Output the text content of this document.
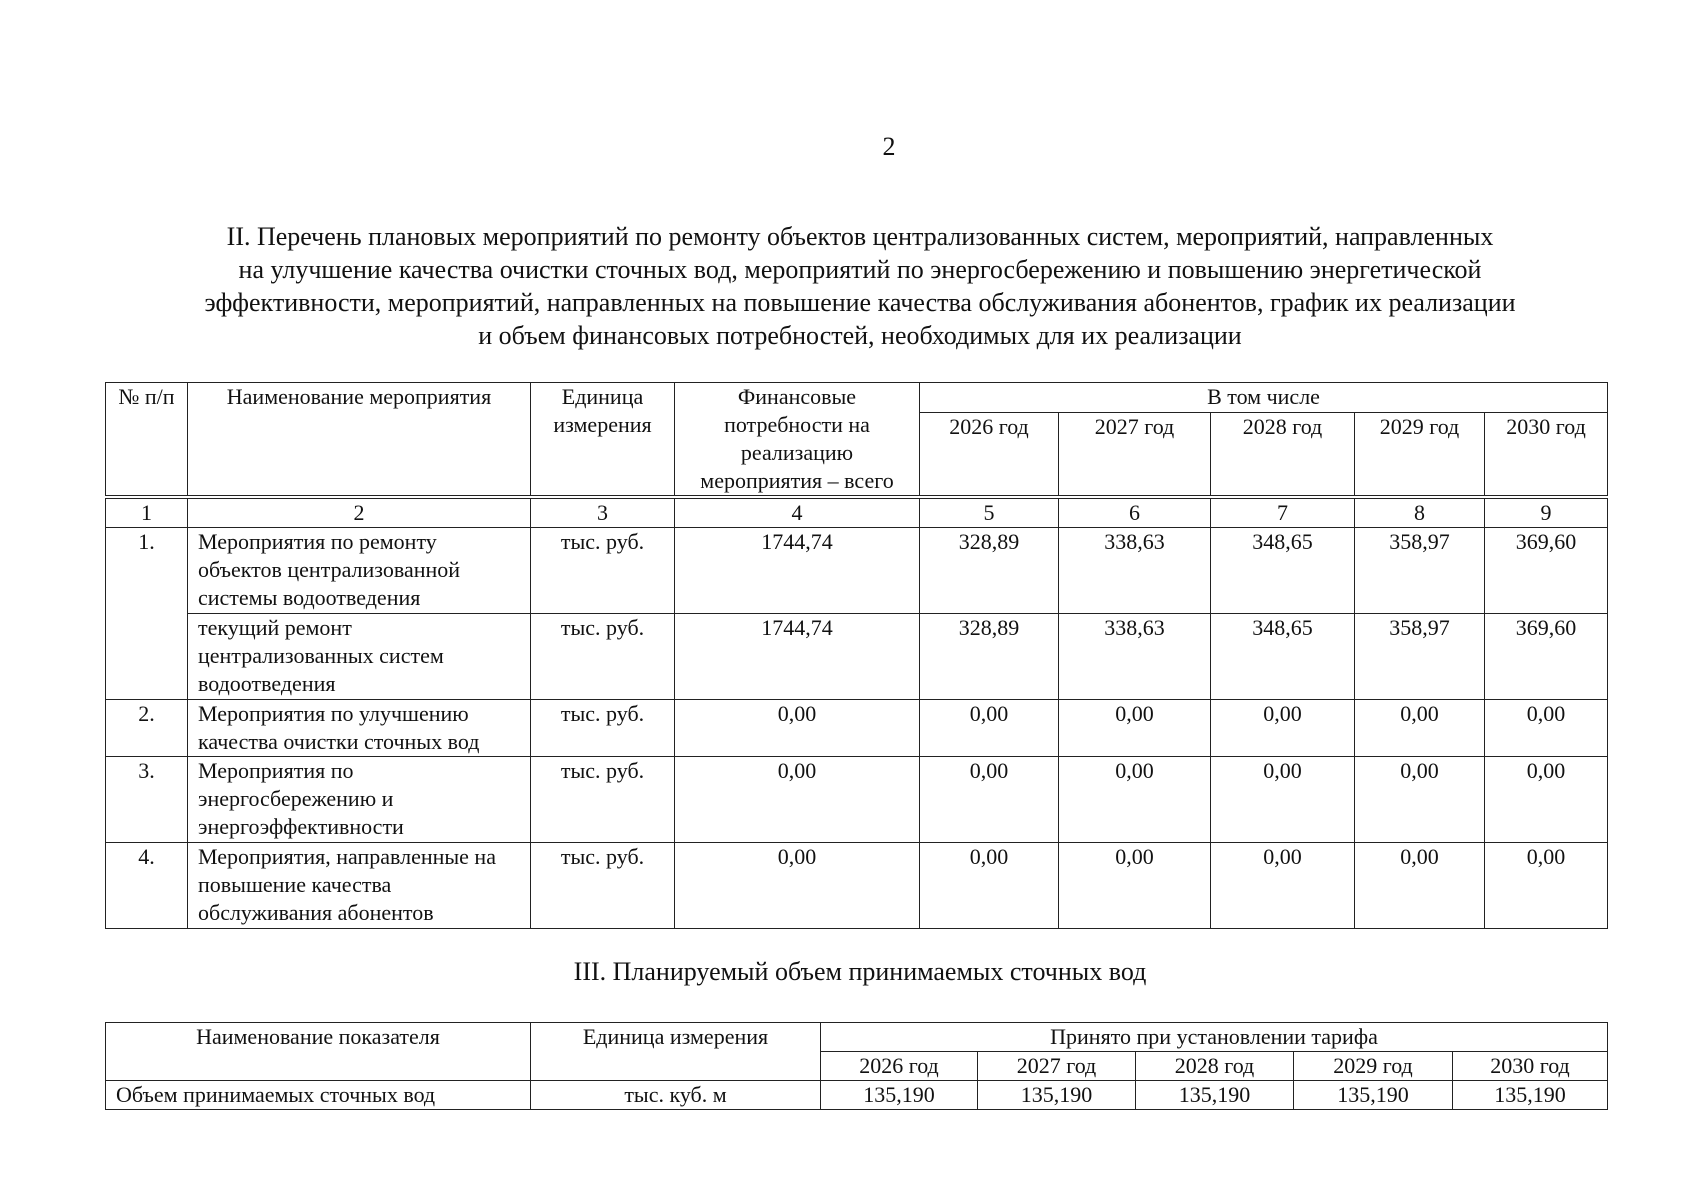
2
II. Перечень плановых мероприятий по ремонту объектов централизованных систем, мероприятий, направленных
на улучшение качества очистки сточных вод, мероприятий по энергосбережению и повышению энергетической
эффективности, мероприятий, направленных на повышение качества обслуживания абонентов, график их реализации
и объем финансовых потребностей, необходимых для их реализации
№ п/п	Наименование мероприятия	Единица измерения	Финансовые потребности на реализацию мероприятия – всего	В том числе				
				2026 год	2027 год	2028 год	2029 год	2030 год
1	2	3	4	5	6	7	8	9
1.	Мероприятия по ремонту объектов централизованной системы водоотведения	тыс. руб.	1744,74	328,89	338,63	348,65	358,97	369,60
	текущий ремонт централизованных систем водоотведения	тыс. руб.	1744,74	328,89	338,63	348,65	358,97	369,60
2.	Мероприятия по улучшению качества очистки сточных вод	тыс. руб.	0,00	0,00	0,00	0,00	0,00	0,00
3.	Мероприятия по энергосбережению и энергоэффективности	тыс. руб.	0,00	0,00	0,00	0,00	0,00	0,00
4.	Мероприятия, направленные на повышение качества обслуживания абонентов	тыс. руб.	0,00	0,00	0,00	0,00	0,00	0,00
III. Планируемый объем принимаемых сточных вод
Наименование показателя	Единица измерения	Принято при установлении тарифа				
		2026 год	2027 год	2028 год	2029 год	2030 год
Объем принимаемых сточных вод	тыс. куб. м	135,190	135,190	135,190	135,190	135,190
